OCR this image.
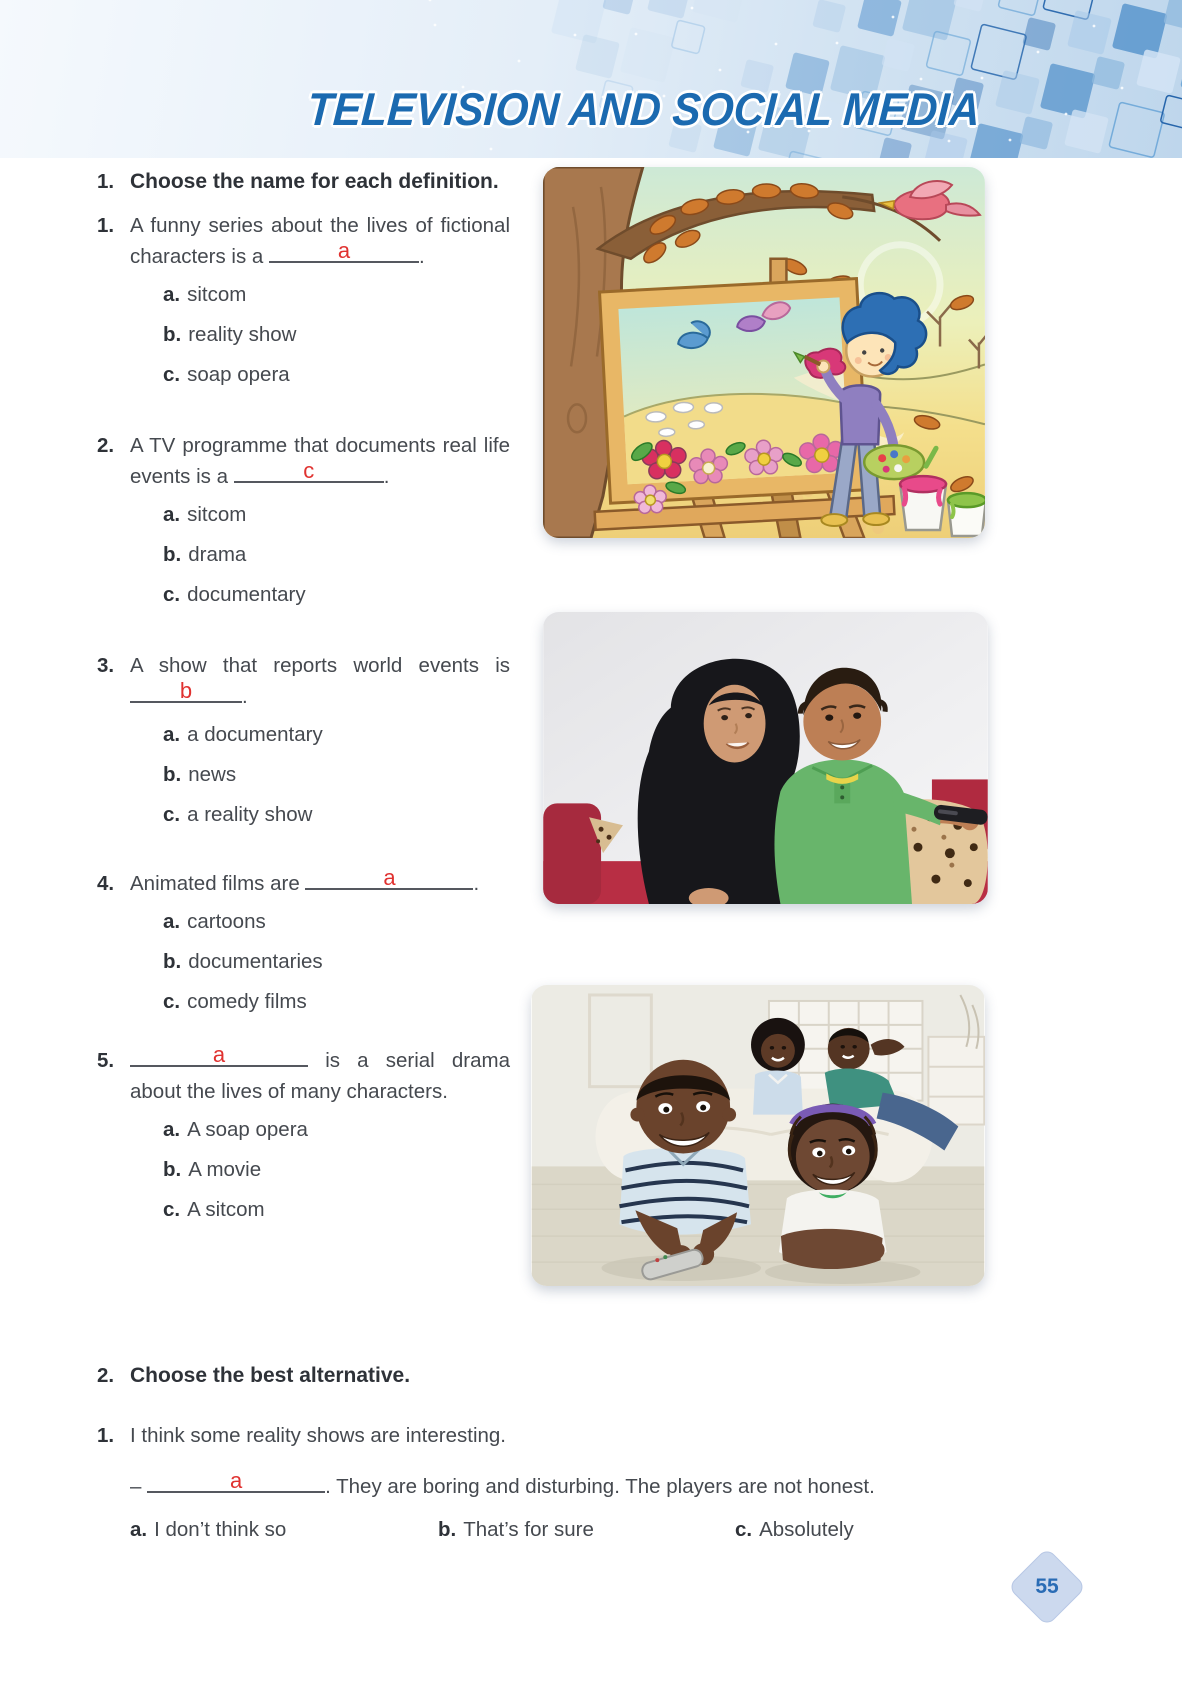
TELEVISION AND SOCIAL MEDIA
1. Choose the name for each definition.
1. A funny series about the lives of fictional characters is a	a	.

a. sitcom
b. reality show
c. soap opera
2. A TV programme that documents real life events is a	c	.

a. sitcom
b. drama
c. documentary
3. A show that reports world events is
b	.

a. a documentary
b. news
c. a reality show
4. Animated films are	a	.

a. cartoons
b. documentaries
c. comedy films
5.	a	is a serial drama about the lives of many characters.

a. A soap opera
b. A movie
c. A sitcom
2. Choose the best alternative.
1. I think some reality shows are interesting.

–	a	. They are boring and disturbing. The players are not honest.

a. I don’t think so	b. That’s for sure	c. Absolutely
55
